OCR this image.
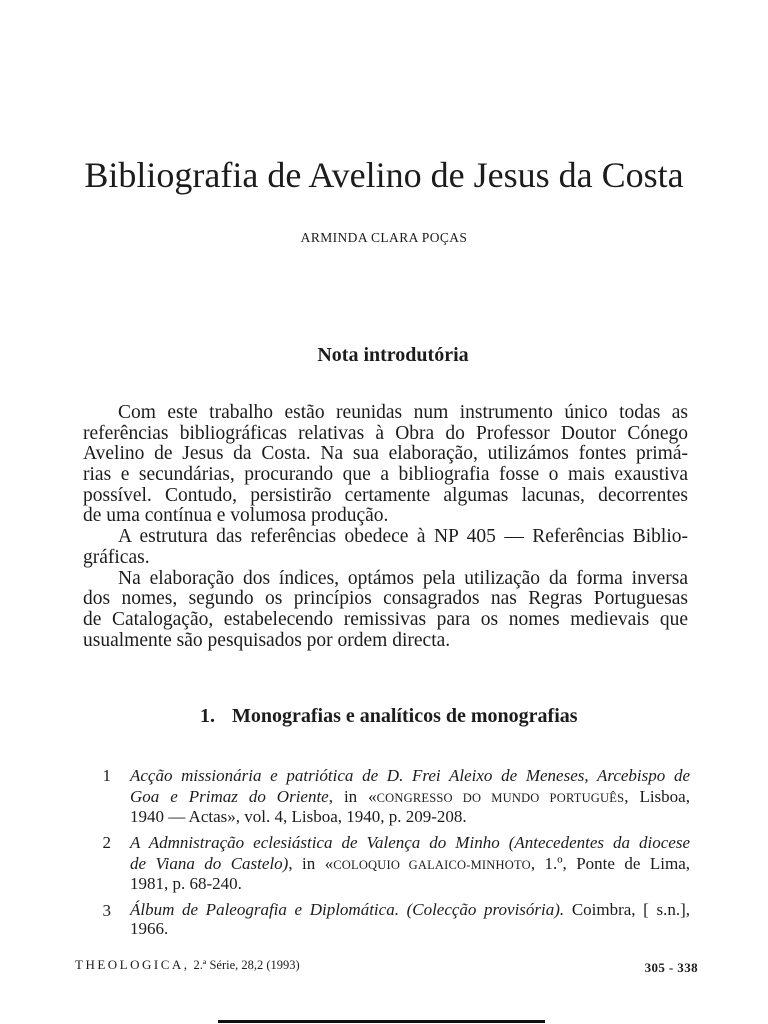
Bibliografia de Avelino de Jesus da Costa
ARMINDA CLARA POÇAS
Nota introdutória
Com este trabalho estão reunidas num instrumento único todas as
referências bibliográficas relativas à Obra do Professor Doutor Cónego
Avelino de Jesus da Costa. Na sua elaboração, utilizámos fontes primá-
rias e secundárias, procurando que a bibliografia fosse o mais exaustiva
possível. Contudo, persistirão certamente algumas lacunas, decorrentes
de uma contínua e volumosa produção.
A estrutura das referências obedece à NP 405 — Referências Biblio-
gráficas.
Na elaboração dos índices, optámos pela utilização da forma inversa
dos nomes, segundo os princípios consagrados nas Regras Portuguesas
de Catalogação, estabelecendo remissivas para os nomes medievais que
usualmente são pesquisados por ordem directa.
1. Monografias e analíticos de monografias
1 Acção missionária e patriótica de D. Frei Aleixo de Meneses, Arcebispo de
Goa e Primaz do Oriente, in «CONGRESSO DO MUNDO PORTUGUÊS, Lisboa,
1940 — Actas», vol. 4, Lisboa, 1940, p. 209-208.
2 A Admnistração eclesiástica de Valença do Minho (Antecedentes da diocese
de Viana do Castelo), in «COLOQUIO GALAICO-MINHOTO, 1.º, Ponte de Lima,
1981, p. 68-240.
3 Álbum de Paleografia e Diplomática. (Colecção provisória). Coimbra, [ s.n.],
1966.
THEOLOGICA, 2.ª Série, 28,2 (1993)	305 - 338
